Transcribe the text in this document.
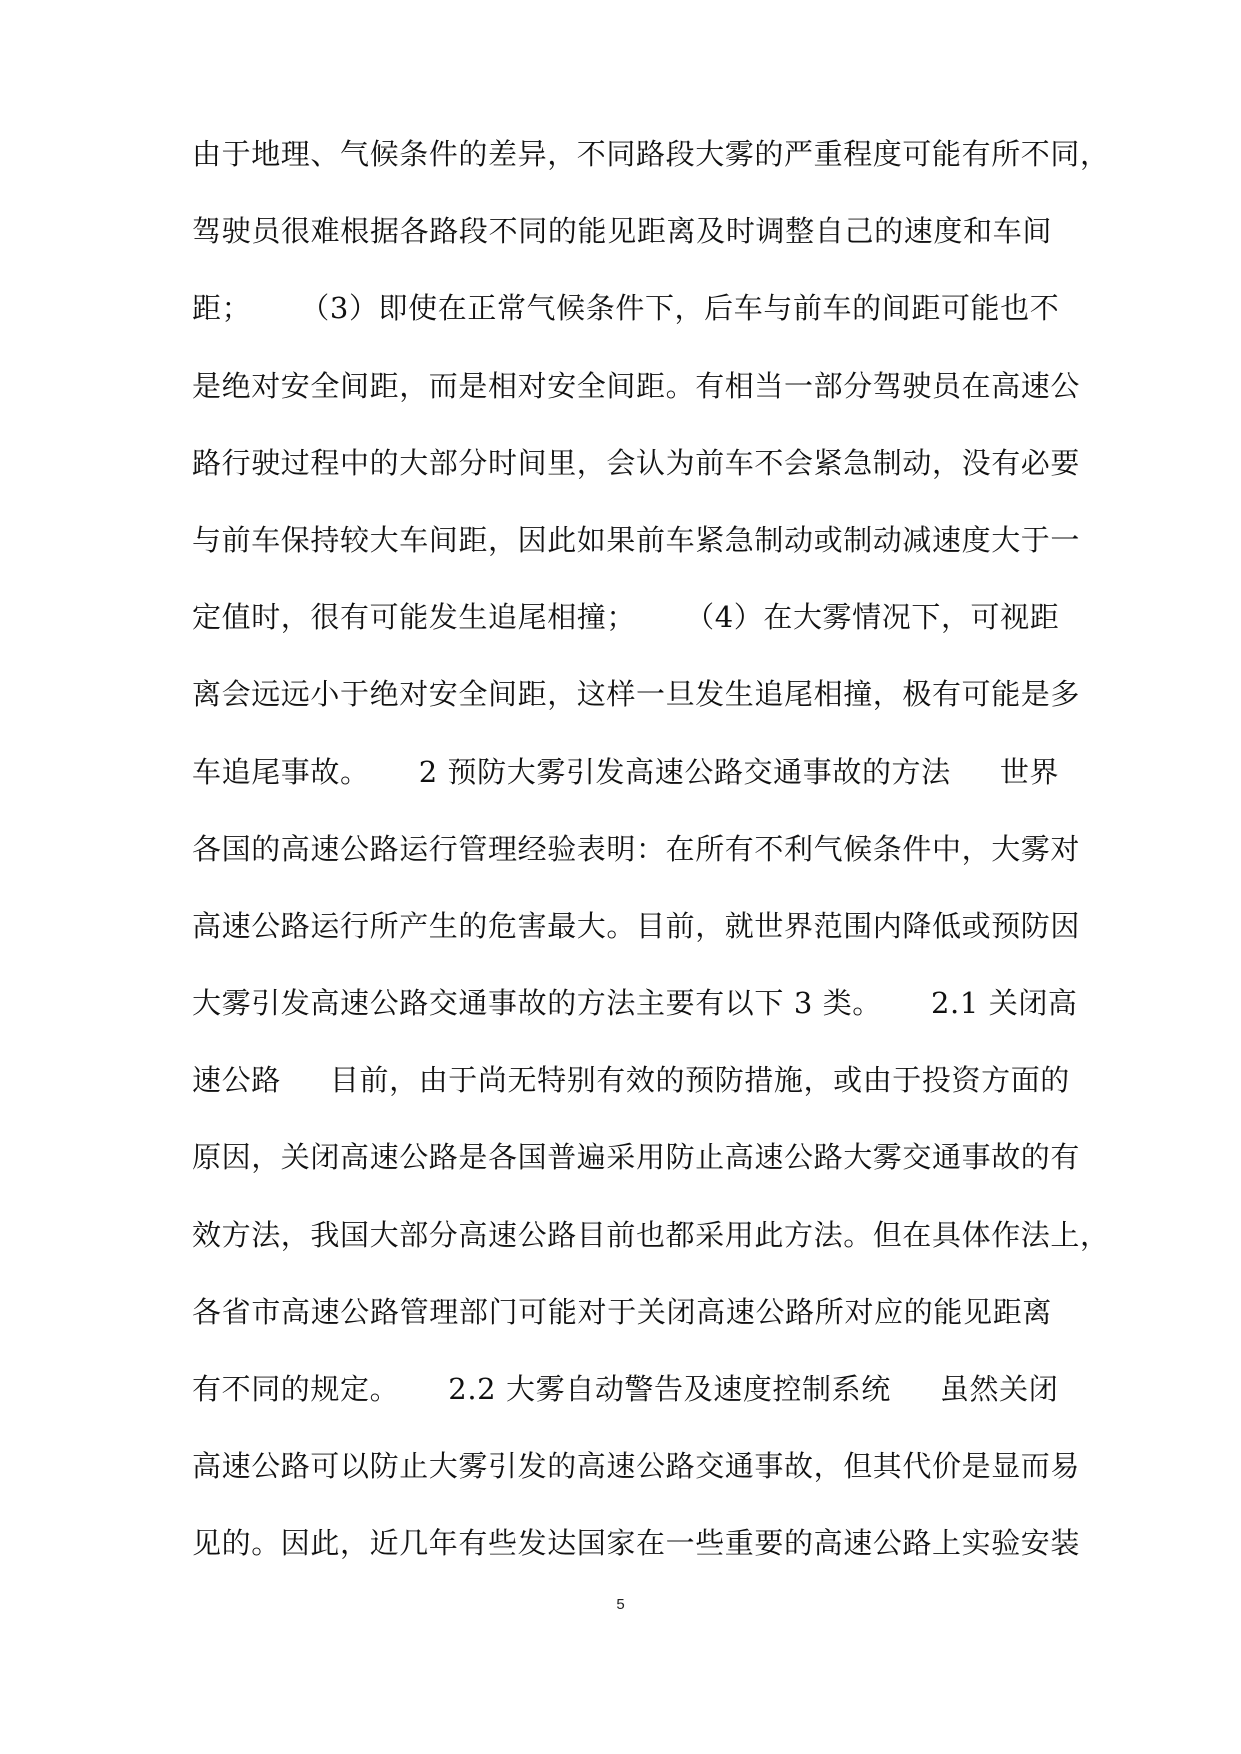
由于地理、气候条件的差异，不同路段大雾的严重程度可能有所不同，
驾驶员很难根据各路段不同的能见距离及时调整自己的速度和车间
距；     （3）即使在正常气候条件下，后车与前车的间距可能也不
是绝对安全间距，而是相对安全间距。有相当一部分驾驶员在高速公
路行驶过程中的大部分时间里，会认为前车不会紧急制动，没有必要
与前车保持较大车间距，因此如果前车紧急制动或制动减速度大于一
定值时，很有可能发生追尾相撞；     （4）在大雾情况下，可视距
离会远远小于绝对安全间距，这样一旦发生追尾相撞，极有可能是多
车追尾事故。     2 预防大雾引发高速公路交通事故的方法     世界
各国的高速公路运行管理经验表明：在所有不利气候条件中，大雾对
高速公路运行所产生的危害最大。目前，就世界范围内降低或预防因
大雾引发高速公路交通事故的方法主要有以下 3 类。     2.1 关闭高
速公路     目前，由于尚无特别有效的预防措施，或由于投资方面的
原因，关闭高速公路是各国普遍采用防止高速公路大雾交通事故的有
效方法，我国大部分高速公路目前也都采用此方法。但在具体作法上，
各省市高速公路管理部门可能对于关闭高速公路所对应的能见距离
有不同的规定。     2.2 大雾自动警告及速度控制系统     虽然关闭
高速公路可以防止大雾引发的高速公路交通事故，但其代价是显而易
见的。因此，近几年有些发达国家在一些重要的高速公路上实验安装
5
